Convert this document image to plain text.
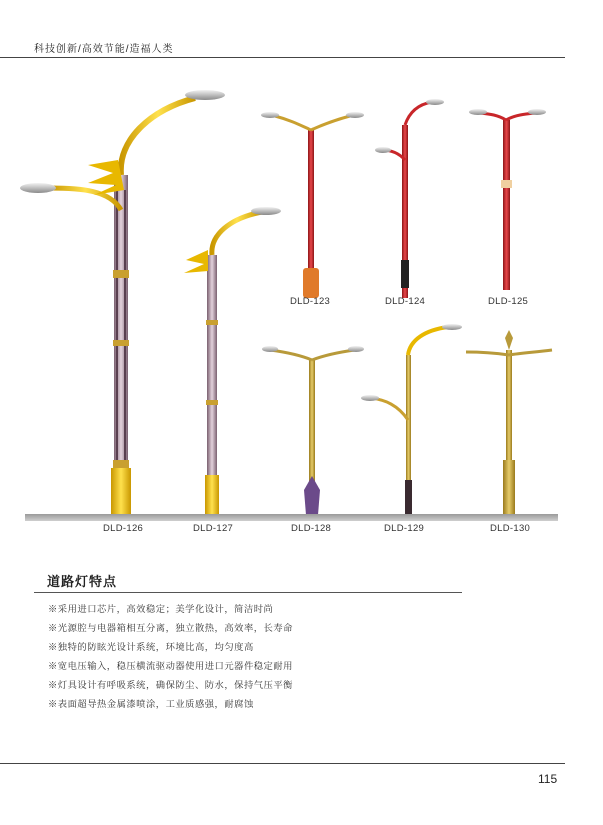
科技创新/高效节能/造福人类
DLD-123	DLD-124	DLD-125
DLD-126	DLD-127	DLD-128	DLD-129	DLD-130
道路灯特点
※采用进口芯片，高效稳定；美学化设计，简洁时尚
※光源腔与电器箱相互分离，独立散热，高效率，长寿命
※独特的防眩光设计系统，环境比高，均匀度高
※宽电压输入，稳压横流驱动器使用进口元器件稳定耐用
※灯具设计有呼吸系统，确保防尘、防水，保持气压平衡
※表面超导热金属漆喷涂，工业质感强，耐腐蚀
115
